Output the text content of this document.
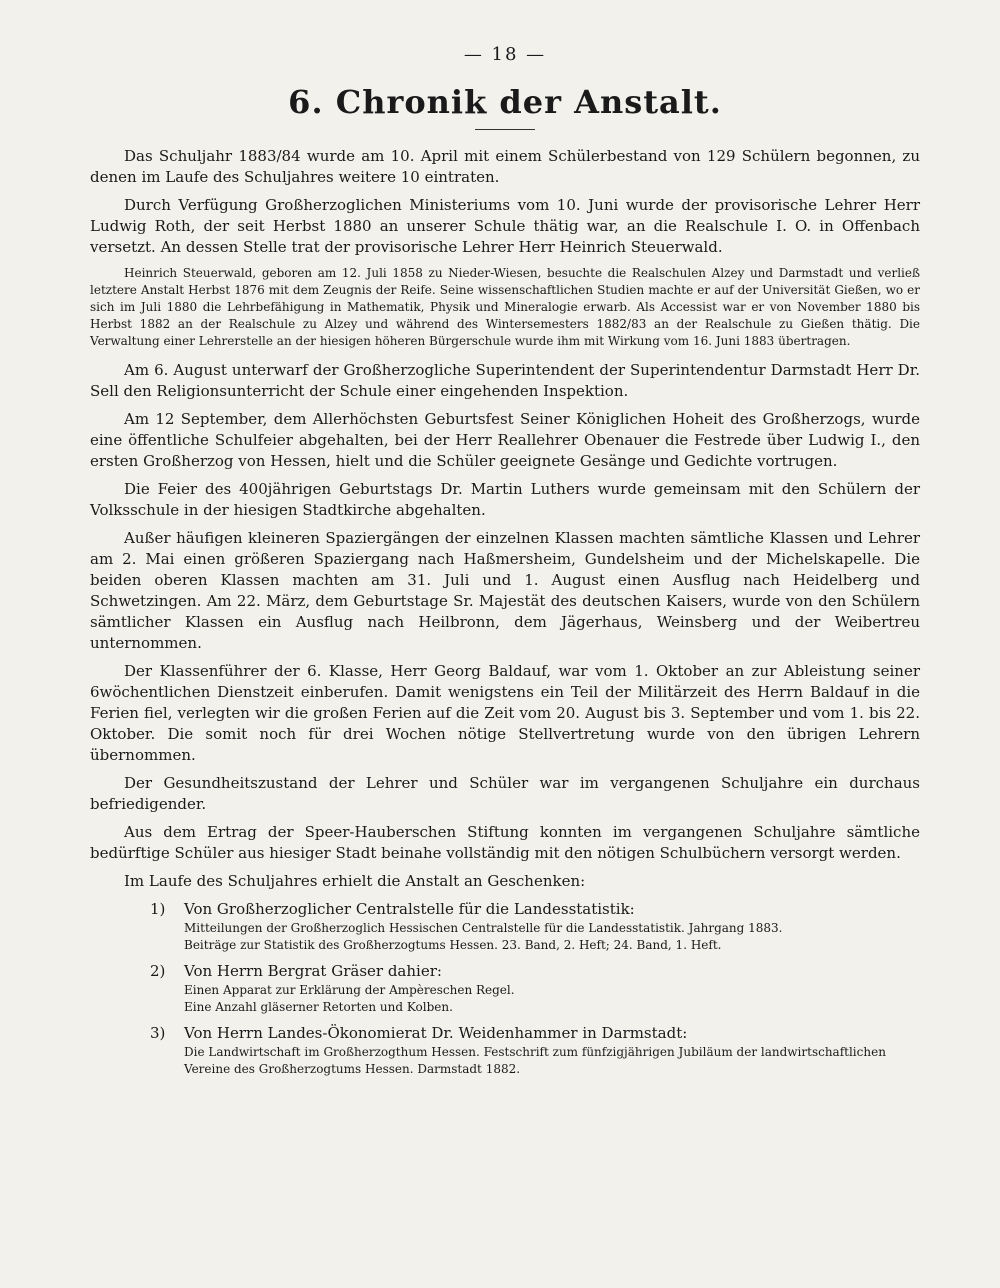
— 18 —
6. Chronik der Anstalt.

Das Schuljahr 1883/84 wurde am 10. April mit einem Schülerbestand von 129 Schülern begonnen, zu denen im Laufe des Schuljahres weitere 10 eintraten.

Durch Verfügung Großherzoglichen Ministeriums vom 10. Juni wurde der provisorische Lehrer Herr Ludwig Roth, der seit Herbst 1880 an unserer Schule thätig war, an die Realschule I. O. in Offenbach versetzt. An dessen Stelle trat der provisorische Lehrer Herr Heinrich Steuerwald.

Heinrich Steuerwald, geboren am 12. Juli 1858 zu Nieder-Wiesen, besuchte die Realschulen Alzey und Darmstadt und verließ letztere Anstalt Herbst 1876 mit dem Zeugnis der Reife. Seine wissenschaftlichen Studien machte er auf der Universität Gießen, wo er sich im Juli 1880 die Lehrbefähigung in Mathematik, Physik und Mineralogie erwarb. Als Accessist war er von November 1880 bis Herbst 1882 an der Realschule zu Alzey und während des Wintersemesters 1882/83 an der Realschule zu Gießen thätig. Die Verwaltung einer Lehrerstelle an der hiesigen höheren Bürgerschule wurde ihm mit Wirkung vom 16. Juni 1883 übertragen.

Am 6. August unterwarf der Großherzogliche Superintendent der Superintendentur Darmstadt Herr Dr. Sell den Religionsunterricht der Schule einer eingehenden Inspektion.

Am 12 September, dem Allerhöchsten Geburtsfest Seiner Königlichen Hoheit des Großherzogs, wurde eine öffentliche Schulfeier abgehalten, bei der Herr Reallehrer Obenauer die Festrede über Ludwig I., den ersten Großherzog von Hessen, hielt und die Schüler geeignete Gesänge und Gedichte vortrugen.

Die Feier des 400jährigen Geburtstags Dr. Martin Luthers wurde gemeinsam mit den Schülern der Volksschule in der hiesigen Stadtkirche abgehalten.

Außer häufigen kleineren Spaziergängen der einzelnen Klassen machten sämtliche Klassen und Lehrer am 2. Mai einen größeren Spaziergang nach Haßmersheim, Gundelsheim und der Michelskapelle. Die beiden oberen Klassen machten am 31. Juli und 1. August einen Ausflug nach Heidelberg und Schwetzingen. Am 22. März, dem Geburtstage Sr. Majestät des deutschen Kaisers, wurde von den Schülern sämtlicher Klassen ein Ausflug nach Heilbronn, dem Jägerhaus, Weinsberg und der Weibertreu unternommen.

Der Klassenführer der 6. Klasse, Herr Georg Baldauf, war vom 1. Oktober an zur Ableistung seiner 6wöchentlichen Dienstzeit einberufen. Damit wenigstens ein Teil der Militärzeit des Herrn Baldauf in die Ferien fiel, verlegten wir die großen Ferien auf die Zeit vom 20. August bis 3. September und vom 1. bis 22. Oktober. Die somit noch für drei Wochen nötige Stellvertretung wurde von den übrigen Lehrern übernommen.

Der Gesundheitszustand der Lehrer und Schüler war im vergangenen Schuljahre ein durchaus befriedigender.

Aus dem Ertrag der Speer-Hauberschen Stiftung konnten im vergangenen Schuljahre sämtliche bedürftige Schüler aus hiesiger Stadt beinahe vollständig mit den nötigen Schulbüchern versorgt werden.

Im Laufe des Schuljahres erhielt die Anstalt an Geschenken:

1) Von Großherzoglicher Centralstelle für die Landesstatistik:
Mitteilungen der Großherzoglich Hessischen Centralstelle für die Landesstatistik. Jahrgang 1883.
Beiträge zur Statistik des Großherzogtums Hessen. 23. Band, 2. Heft; 24. Band, 1. Heft.
2) Von Herrn Bergrat Gräser dahier:
Einen Apparat zur Erklärung der Ampèreschen Regel.
Eine Anzahl gläserner Retorten und Kolben.
3) Von Herrn Landes-Ökonomierat Dr. Weidenhammer in Darmstadt:
Die Landwirtschaft im Großherzogthum Hessen. Festschrift zum fünfzigjährigen Jubiläum der landwirtschaftlichen Vereine des Großherzogtums Hessen. Darmstadt 1882.
